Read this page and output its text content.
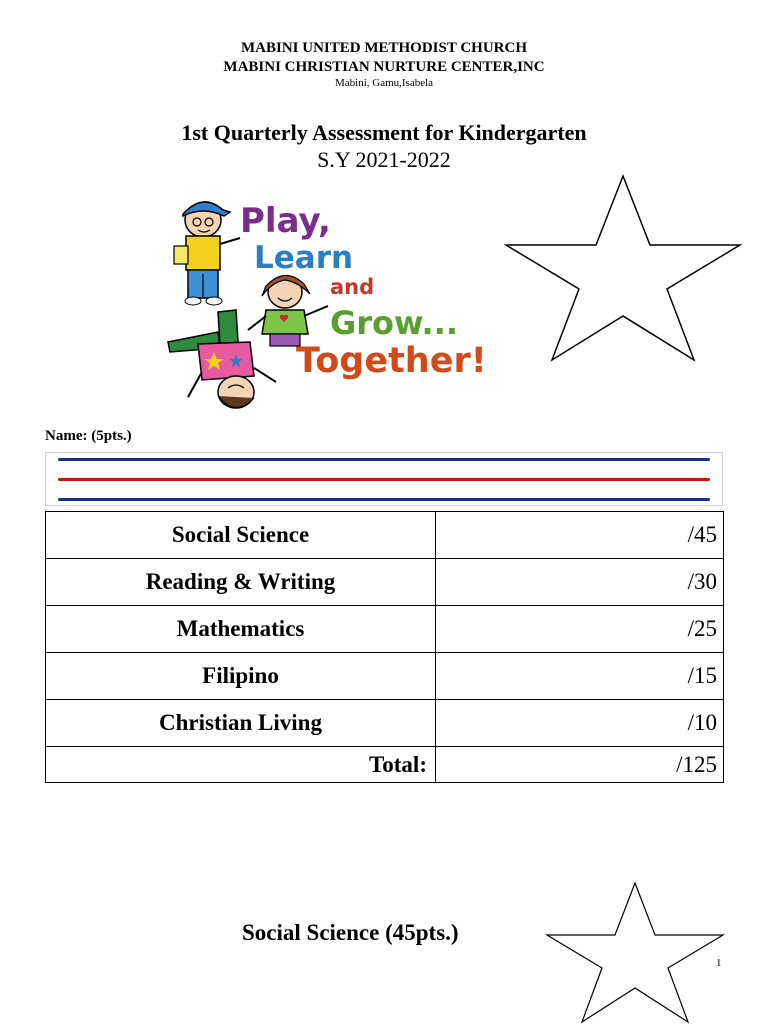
MABINI UNITED METHODIST CHURCH
MABINI CHRISTIAN NURTURE CENTER,INC
Mabini, Gamu,Isabela
1st Quarterly Assessment for Kindergarten
S.Y 2021-2022
Play,
Learn
and
Grow...
Together!
Name: (5pts.)
Social Science	/45
Reading & Writing	/30
Mathematics	/25
Filipino	/15
Christian Living	/10
Total:	/125
Social Science (45pts.)
1
